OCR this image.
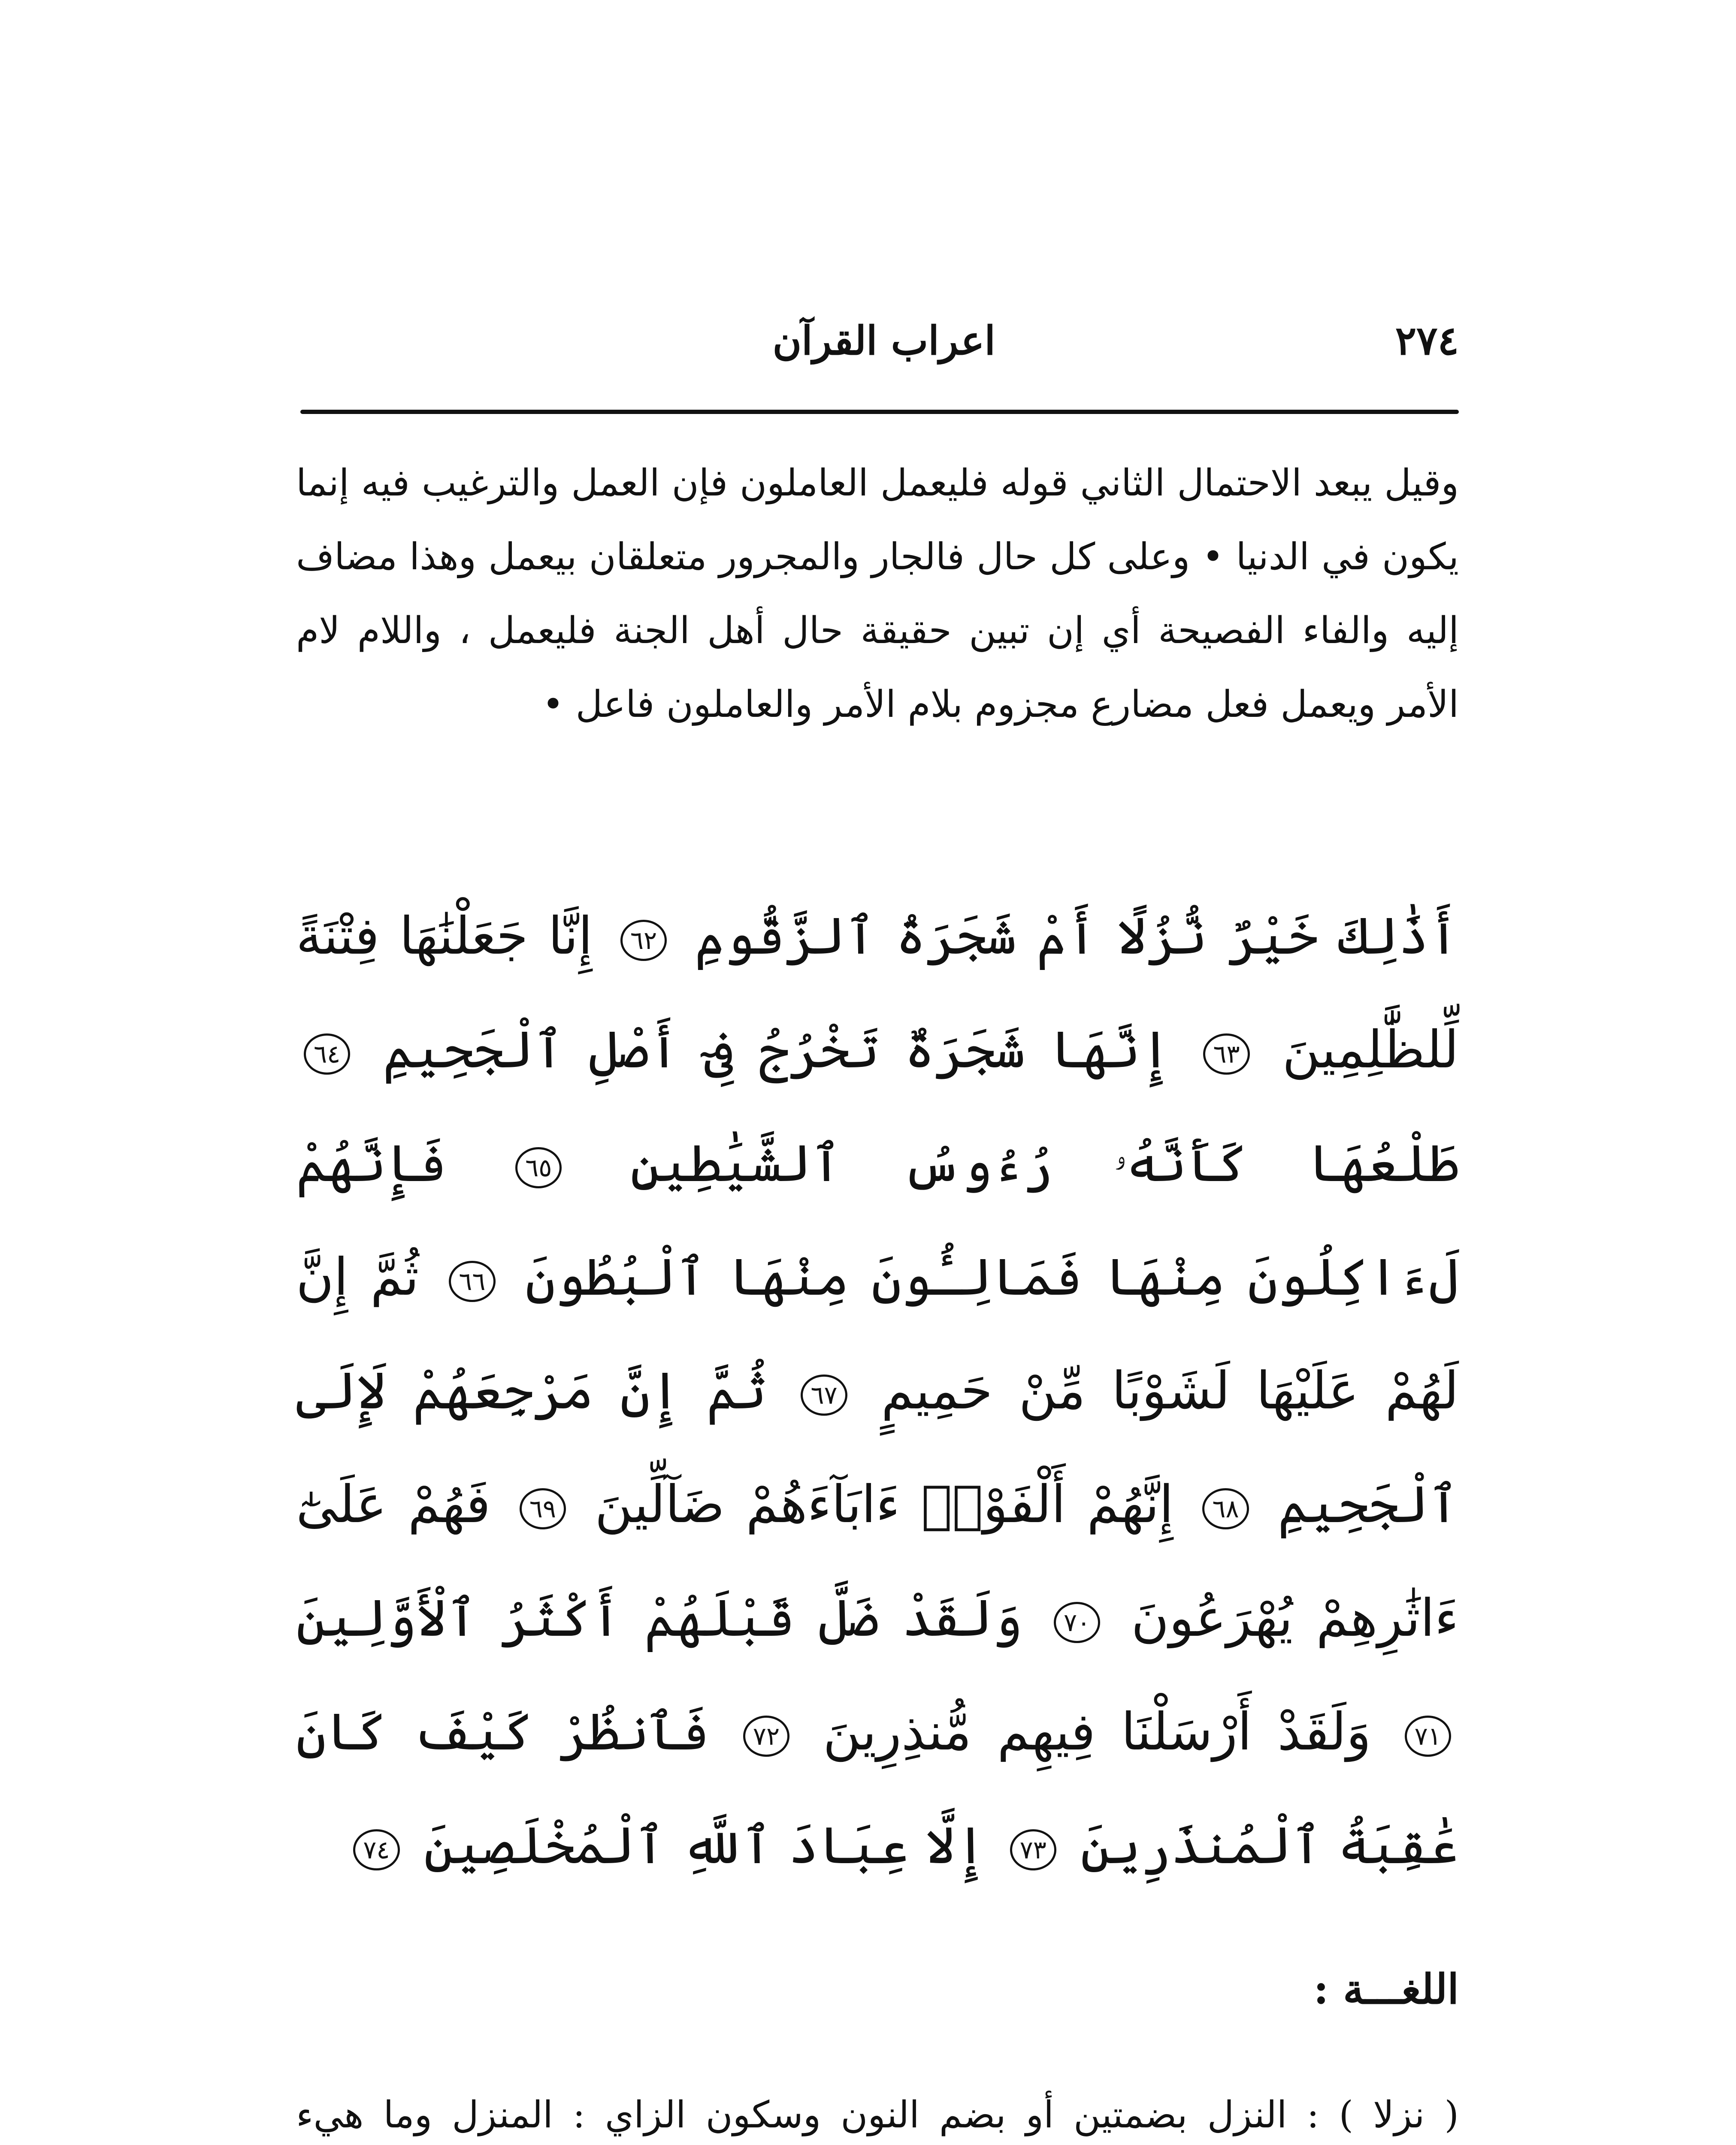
٢٧٤
اعراب القرآن

وقيل يبعد الاحتمال الثاني قوله فليعمل العاملون فإن العمل والترغيب فيه إنما يكون في الدنيا • وعلى كل حال فالجار والمجرور متعلقان بيعمل وهذا مضاف إليه والفاء الفصيحة أي إن تبين حقيقة حال أهل الجنة فليعمل ، واللام لام الأمر ويعمل فعل مضارع مجزوم بلام الأمر والعاملون فاعل •

أَذَٰلِكَ خَيْرٌ نُّزُلًا أَمْ شَجَرَةُ ٱلزَّقُّومِ ٦٢ إِنَّا جَعَلْنَٰهَا فِتْنَةً لِّلظَّٰلِمِينَ ٦٣ إِنَّهَا شَجَرَةٌ تَخْرُجُ فِىٓ أَصْلِ ٱلْجَحِيمِ ٦٤ طَلْعُهَا كَأَنَّهُۥ رُءُوسُ ٱلشَّيَٰطِينِ ٦٥ فَإِنَّهُمْ لَءَاكِلُونَ مِنْهَا فَمَالِـُٔونَ مِنْهَا ٱلْبُطُونَ ٦٦ ثُمَّ إِنَّ لَهُمْ عَلَيْهَا لَشَوْبًا مِّنْ حَمِيمٍ ٦٧ ثُمَّ إِنَّ مَرْجِعَهُمْ لَإِلَى ٱلْجَحِيمِ ٦٨ إِنَّهُمْ أَلْفَوْا۟ ءَابَآءَهُمْ ضَآلِّينَ ٦٩ فَهُمْ عَلَىٰٓ ءَاثَٰرِهِمْ يُهْرَعُونَ ٧٠ وَلَقَدْ ضَلَّ قَبْلَهُمْ أَكْثَرُ ٱلْأَوَّلِينَ ٧١ وَلَقَدْ أَرْسَلْنَا فِيهِم مُّنذِرِينَ ٧٢ فَٱنظُرْ كَيْفَ كَانَ عَٰقِبَةُ ٱلْمُنذَرِينَ ٧٣ إِلَّا عِبَادَ ٱللَّهِ ٱلْمُخْلَصِينَ ٧٤

اللغـــة :

( نزلا ) : النزل بضمتين أو بضم النون وسكون الزاي : المنزل وما هيء
